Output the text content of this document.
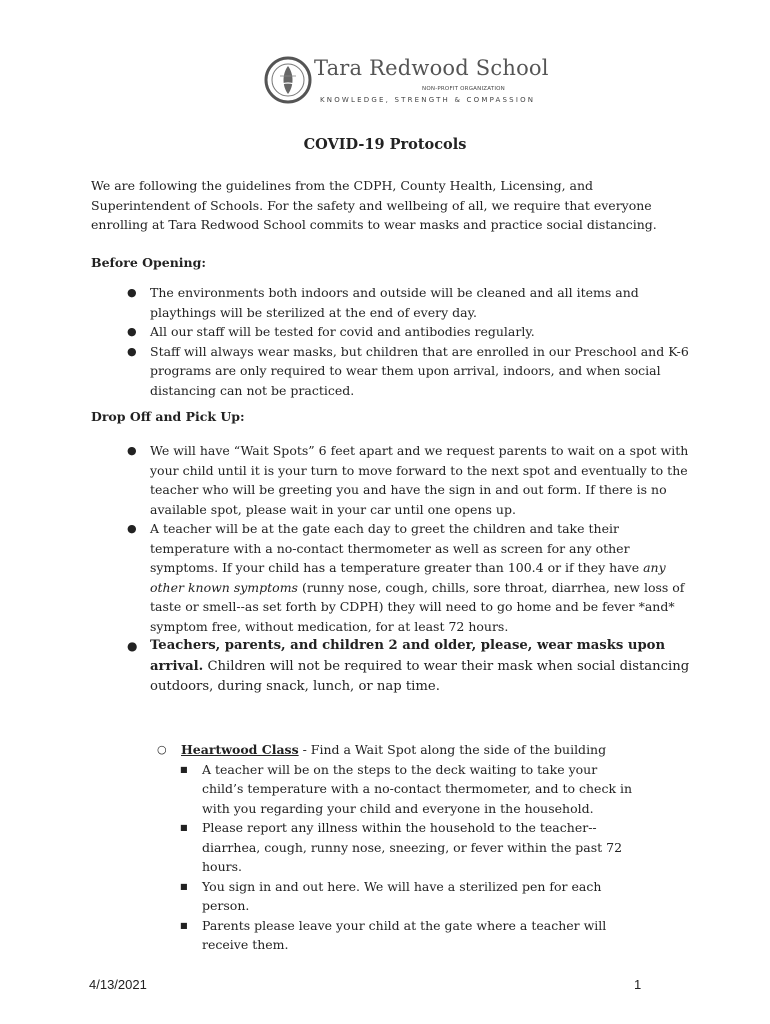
Tara Redwood School
NON-PROFIT ORGANIZATION
KNOWLEDGE, STRENGTH & COMPASSION
COVID-19 Protocols
We are following the guidelines from the CDPH, County Health, Licensing, and Superintendent of Schools. For the safety and wellbeing of all, we require that everyone enrolling at Tara Redwood School commits to wear masks and practice social distancing.
Before Opening:
● The environments both indoors and outside will be cleaned and all items and playthings will be sterilized at the end of every day.
● All our staff will be tested for covid and antibodies regularly.
● Staff will always wear masks, but children that are enrolled in our Preschool and K-6 programs are only required to wear them upon arrival, indoors, and when social distancing can not be practiced.
Drop Off and Pick Up:
● We will have “Wait Spots” 6 feet apart and we request parents to wait on a spot with your child until it is your turn to move forward to the next spot and eventually to the teacher who will be greeting you and have the sign in and out form. If there is no available spot, please wait in your car until one opens up.
● A teacher will be at the gate each day to greet the children and take their temperature with a no-contact thermometer as well as screen for any other symptoms. If your child has a temperature greater than 100.4 or if they have any other known symptoms (runny nose, cough, chills, sore throat, diarrhea, new loss of taste or smell--as set forth by CDPH) they will need to go home and be fever *and* symptom free, without medication, for at least 72 hours.
● Teachers, parents, and children 2 and older, please, wear masks upon arrival. Children will not be required to wear their mask when social distancing outdoors, during snack, lunch, or nap time.
○ Heartwood Class - Find a Wait Spot along the side of the building
■ A teacher will be on the steps to the deck waiting to take your child’s temperature with a no-contact thermometer, and to check in with you regarding your child and everyone in the household.
■ Please report any illness within the household to the teacher-- diarrhea, cough, runny nose, sneezing, or fever within the past 72 hours.
■ You sign in and out here. We will have a sterilized pen for each person.
■ Parents please leave your child at the gate where a teacher will receive them.
4/13/2021	1
